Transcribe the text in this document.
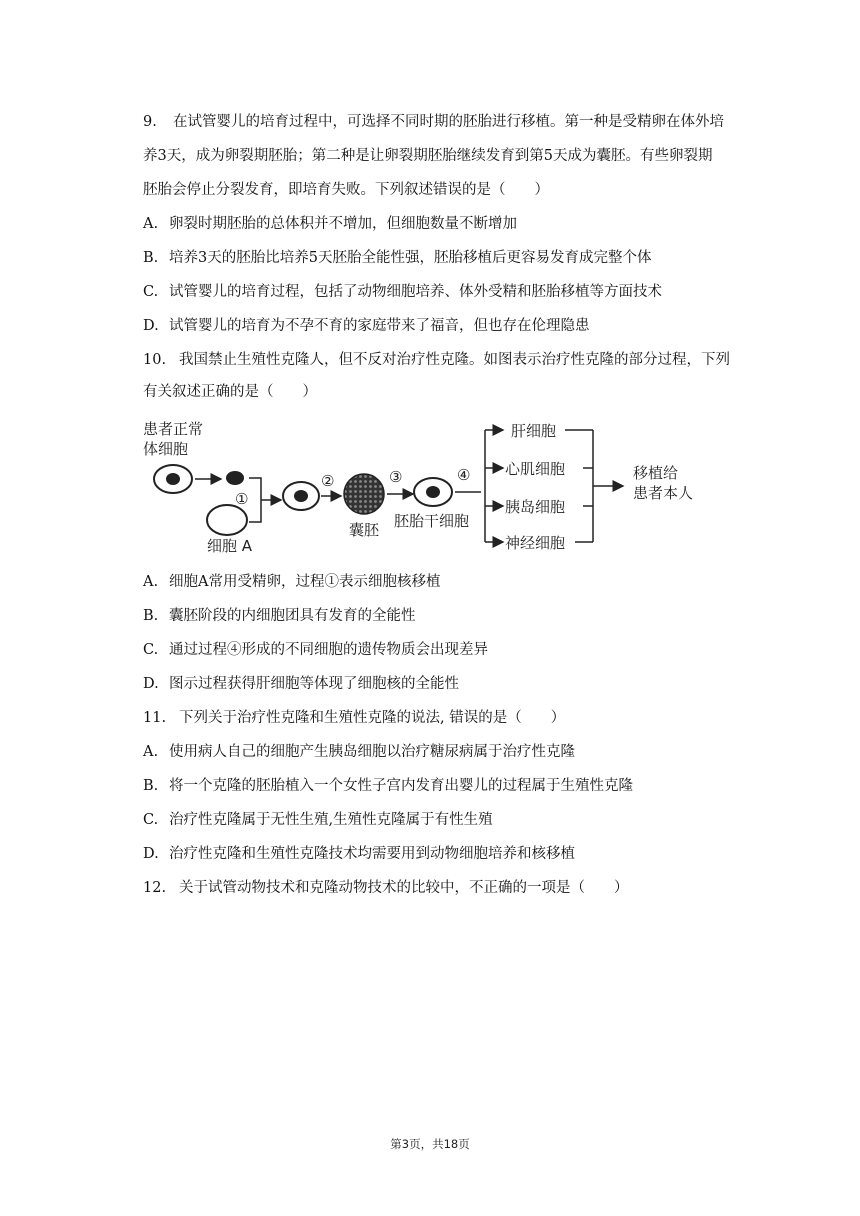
9. 在试管婴儿的培育过程中，可选择不同时期的胚胎进行移植。第一种是受精卵在体外培
养3天，成为卵裂期胚胎；第二种是让卵裂期胚胎继续发育到第5天成为囊胚。有些卵裂期
胚胎会停止分裂发育，即培育失败。下列叙述错误的是（　　）
A. 卵裂时期胚胎的总体积并不增加，但细胞数量不断增加
B. 培养3天的胚胎比培养5天胚胎全能性强，胚胎移植后更容易发育成完整个体
C. 试管婴儿的培育过程，包括了动物细胞培养、体外受精和胚胎移植等方面技术
D. 试管婴儿的培育为不孕不育的家庭带来了福音，但也存在伦理隐患
10. 我国禁止生殖性克隆人，但不反对治疗性克隆。如图表示治疗性克隆的部分过程，下列
有关叙述正确的是（　　）
患者正常
体细胞
细胞 A
①
②
囊胚
③
胚胎干细胞
④
肝细胞
心肌细胞
胰岛细胞
神经细胞
移植给
患者本人
A. 细胞A常用受精卵，过程①表示细胞核移植
B. 囊胚阶段的内细胞团具有发育的全能性
C. 通过过程④形成的不同细胞的遗传物质会出现差异
D. 图示过程获得肝细胞等体现了细胞核的全能性
11. 下列关于治疗性克隆和生殖性克隆的说法, 错误的是（　　）
A. 使用病人自己的细胞产生胰岛细胞以治疗糖尿病属于治疗性克隆
B. 将一个克隆的胚胎植入一个女性子宫内发育出婴儿的过程属于生殖性克隆
C. 治疗性克隆属于无性生殖,生殖性克隆属于有性生殖
D. 治疗性克隆和生殖性克隆技术均需要用到动物细胞培养和核移植
12. 关于试管动物技术和克隆动物技术的比较中，不正确的一项是（　　）
第3页，共18页
